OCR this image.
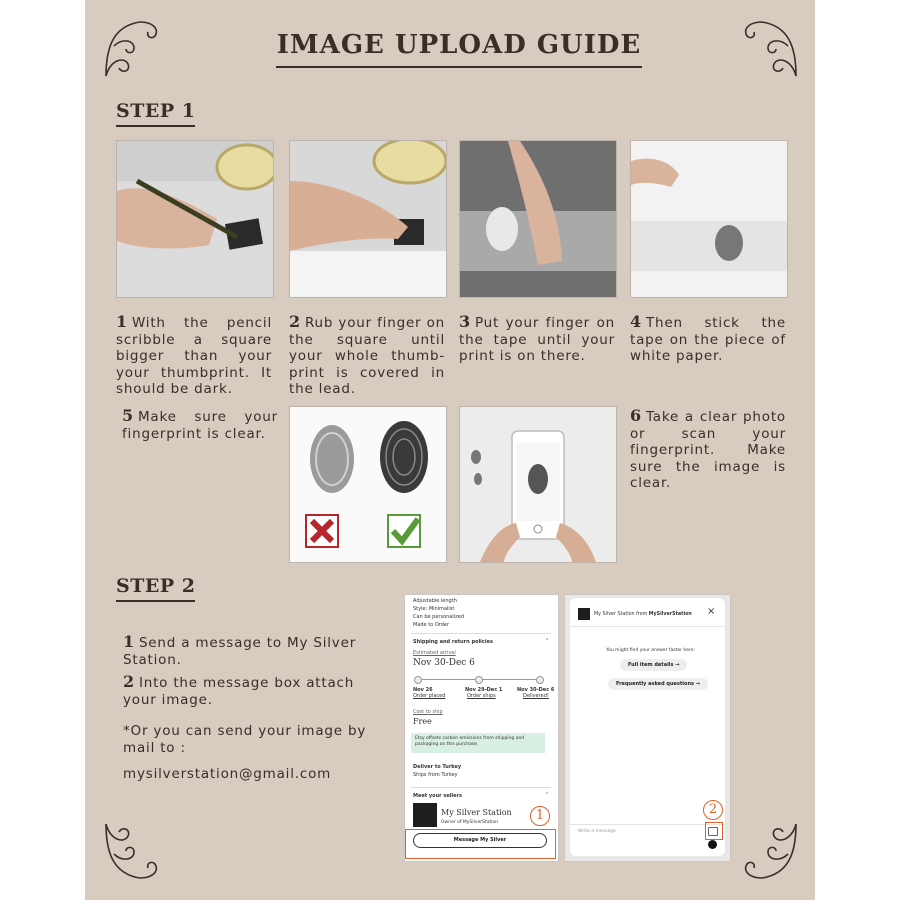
IMAGE UPLOAD GUIDE
STEP 1
1 With the pencil scribble a square bigger than your your thumbprint. It should be dark.
2 Rub your finger on the square until your whole thumb-print is covered in the lead.
3 Put your finger on the tape until your print is on there.
4 Then stick the tape on the piece of white paper.
5 Make sure your fingerprint is clear.
6 Take a clear photo or scan your fingerprint. Make sure the image is clear.
STEP 2
1 Send a message to My Silver Station.
2 Into the message box attach your image.
*Or you can send your image by mail to :
mysilverstation@gmail.com
Adjustable length
Style: Minimalist
Can be personalized
Made to Order
Shipping and return policies	⌃
Estimated arrival
Nov 30-Dec 6
Nov 26
Order placed
Nov 29-Dec 1
Order ships
Nov 30-Dec 6
Delivered!
Cost to ship
Free
Etsy offsets carbon emissions from shipping and packaging on this purchase.
Deliver to Turkey
Ships from Turkey
Meet your sellers	⌃
My Silver Station
Owner of MySilverStation
Message My Silver
1
My Silver Station from MySilverStation ×
You might find your answer faster here:
Full item details →
Frequently asked questions →
Write a message
2
